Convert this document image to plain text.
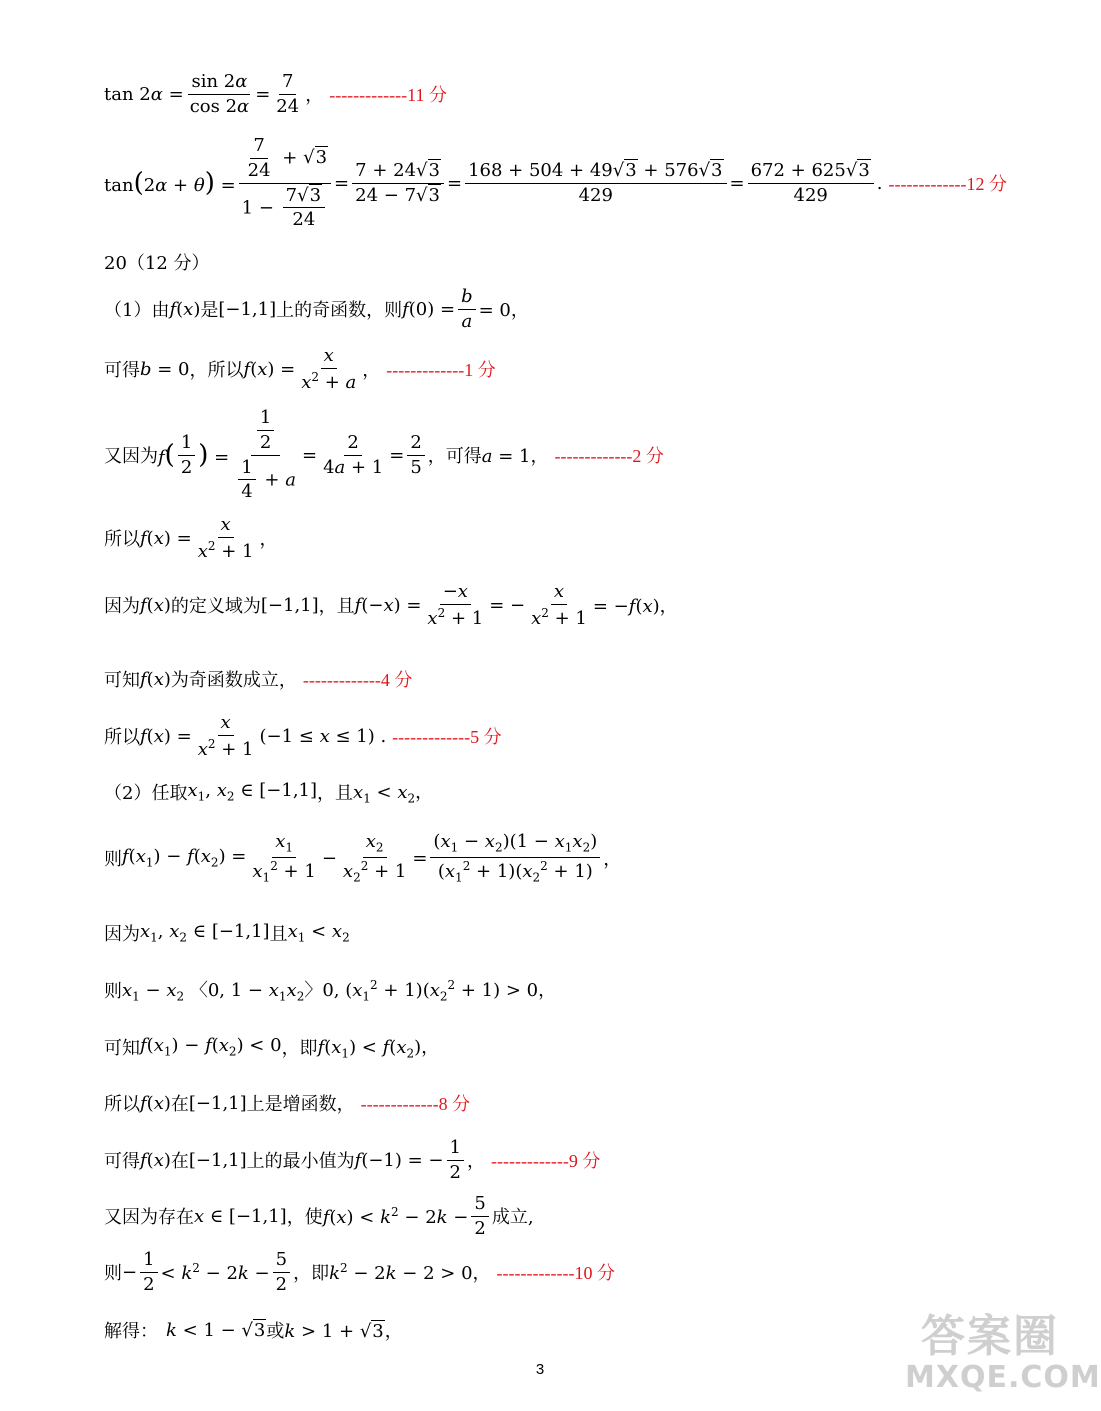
$\tan 2\alpha = \frac{\sin 2\alpha}{\cos 2\alpha} = \frac{7}{24}$ ， -------------11 分
$\tan(2\alpha + \theta) = \frac{\frac{7}{24} + √3}{1 - \frac{7√3}{24}} = \frac{7 + 24√3}{24 - 7√3} = \frac{168 + 504 + 49√3 + 576√3}{429} = \frac{672 + 625√3}{429}$ . -------------12 分
20（12 分）
（1）由 f(x) 是 [−1,1] 上的奇函数，则 $f(0) = \frac{b}{a} = 0$，
可得 b = 0 ，所以 $f(x) = \frac{x}{x^2 + a}$ ， -------------1 分
又因为 $f( \frac{1}{2}$ ) = $\frac{\frac{1}{2}}{\frac{1}{4} + a} = \frac{2}{4a + 1} = \frac{2}{5}$ ，可得 a = 1， -------------2 分
所以 $f(x) = \frac{x}{x^2 + 1}$ ，
因为 f(x) 的定义域为 [−1,1] ，且 $f(-x) = \frac{-x}{x^2 + 1}$ = − $\frac{x}{x^2 + 1} = -f(x)$，
可知 f(x) 为奇函数成立， -------------4 分
所以 $f(x) = \frac{x}{x^2 + 1} (-1 \le x \le 1)$ . -------------5 分
（2）任取 $x_1$, $x_2$ ∈ [−1,1] ，且 $x_1 < x_2$，
则 $f(x_1) - f(x_2) = \frac{x_1}{x_1^2 + 1} - \frac{x_2}{x_2^2 + 1} = \frac{(x_1 - x_2)(1 - x_1x_2)}{(x_1^2 + 1)(x_2^2 + 1)}$ ，
因为 $x_1$, $x_2$ ∈ [−1,1] 且 $x_1 < x_2$
则 $x_1 - x_2$ 〈0, $1 - x_1x_2$〉0, $(x_1^2 + 1)(x_2^2 + 1) > 0$，
可知 $f(x_1) - f(x_2) < 0$ ，即 $f(x_1) < f(x_2)$，
所以 f(x) 在 [−1,1] 上是增函数， -------------8 分
可得 f(x) 在 [−1,1] 上的最小值为 f(−1) = − $\frac{1}{2}$ ， -------------9 分
又因为存在 x ∈ [−1,1] ，使 $f(x) < k^2 - 2k - \frac{5}{2}$ 成立,
则 − $\frac{1}{2} < k^2 - 2k - \frac{5}{2}$ ，即 $k^2 - 2k - 2 > 0$， -------------10 分
解得： k < 1 − √3 或 k > 1 + √3，
3
答案圈
MXQE.COM
